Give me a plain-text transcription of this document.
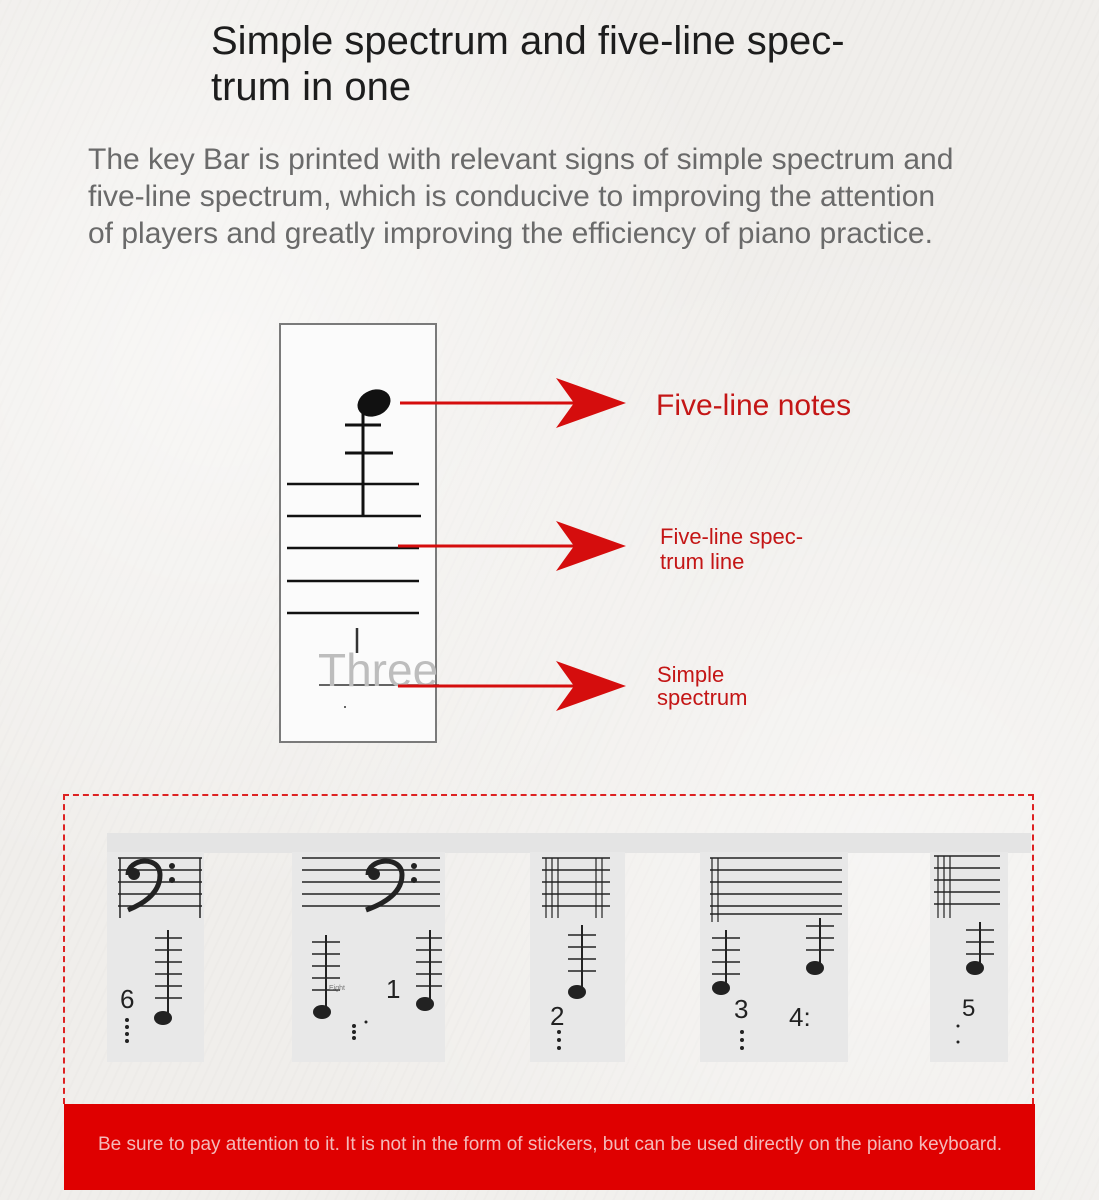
Simple spectrum and five-line spec-
trum in one

The key Bar is printed with relevant signs of simple spectrum and
five-line spectrum, which is conducive to improving the attention
of players and greatly improving the efficiency of piano practice.

Three
Five-line notes
Five-line spec-
trum line
Simple
spectrum
6	1
2	3 4:	5
Eight
Be sure to pay attention to it. It is not in the form of stickers, but can be used directly on the piano keyboard.
